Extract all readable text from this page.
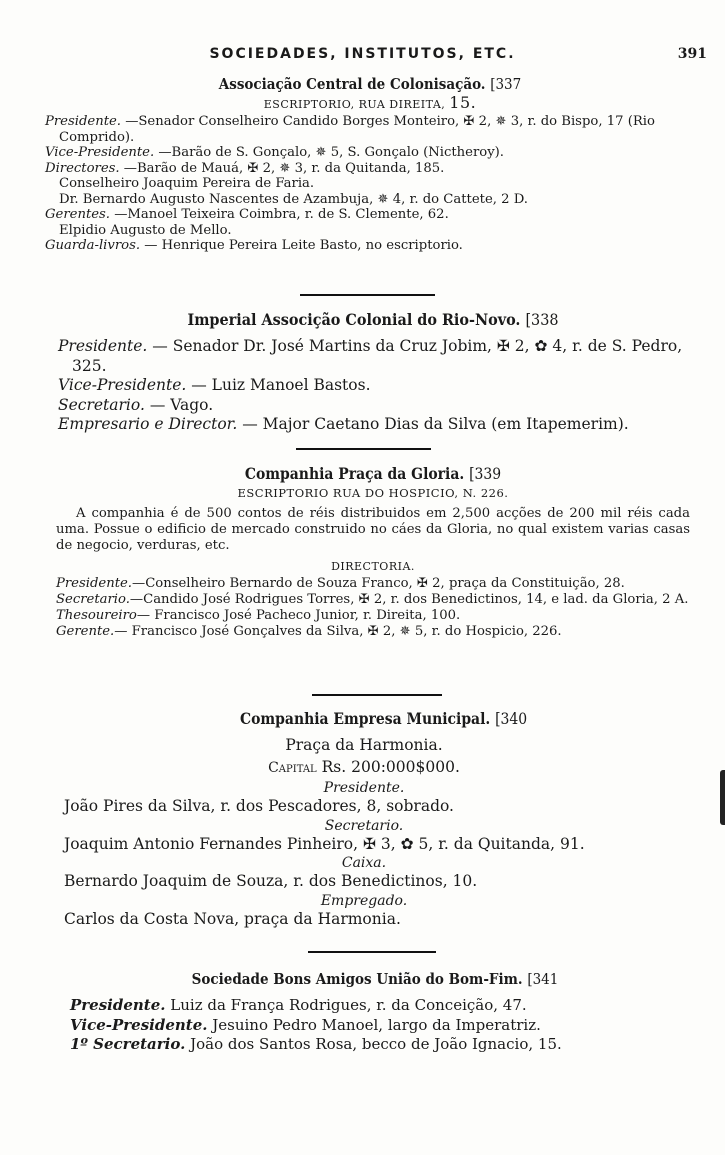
SOCIEDADES, INSTITUTOS, ETC.	391
Associação Central de Colonisação. [337
ESCRIPTORIO, RUA DIREITA, 15.

Presidente. —Senador Conselheiro Candido Borges Monteiro, ✠ 2, ✵ 3, r. do Bispo, 17 (Rio Comprido).

Vice-Presidente. —Barão de S. Gonçalo, ✵ 5, S. Gonçalo (Nictheroy).

Directores. —Barão de Mauá, ✠ 2, ✵ 3, r. da Quitanda, 185.

Conselheiro Joaquim Pereira de Faria.

Dr. Bernardo Augusto Nascentes de Azambuja, ✵ 4, r. do Cattete, 2 D.

Gerentes. —Manoel Teixeira Coimbra, r. de S. Clemente, 62.

Elpidio Augusto de Mello.

Guarda-livros. — Henrique Pereira Leite Basto, no escriptorio.

Imperial Associção Colonial do Rio-Novo. [338

Presidente. — Senador Dr. José Martins da Cruz Jobim, ✠ 2, ✿ 4, r. de S. Pedro, 325.

Vice-Presidente. — Luiz Manoel Bastos.

Secretario. — Vago.

Empresario e Director. — Major Caetano Dias da Silva (em Itapemerim).

Companhia Praça da Gloria. [339
ESCRIPTORIO RUA DO HOSPICIO, N. 226.

A companhia é de 500 contos de réis distribuidos em 2,500 acções de 200 mil réis cada uma. Possue o edificio de mercado construido no cáes da Gloria, no qual existem varias casas de negocio, verduras, etc.

DIRECTORIA.

Presidente.—Conselheiro Bernardo de Souza Franco, ✠ 2, praça da Constituição, 28.

Secretario.—Candido José Rodrigues Torres, ✠ 2, r. dos Benedictinos, 14, e lad. da Gloria, 2 A.

Thesoureiro— Francisco José Pacheco Junior, r. Direita, 100.

Gerente.— Francisco José Gonçalves da Silva, ✠ 2, ✵ 5, r. do Hospicio, 226.

Companhia Empresa Municipal. [340
Praça da Harmonia.
Capital Rs. 200:000$000.

Presidente.

João Pires da Silva, r. dos Pescadores, 8, sobrado.

Secretario.

Joaquim Antonio Fernandes Pinheiro, ✠ 3, ✿ 5, r. da Quitanda, 91.

Caixa.

Bernardo Joaquim de Souza, r. dos Benedictinos, 10.

Empregado.

Carlos da Costa Nova, praça da Harmonia.

Sociedade Bons Amigos União do Bom-Fim. [341

Presidente. Luiz da França Rodrigues, r. da Conceição, 47.

Vice-Presidente. Jesuino Pedro Manoel, largo da Imperatriz.

1º Secretario. João dos Santos Rosa, becco de João Ignacio, 15.
